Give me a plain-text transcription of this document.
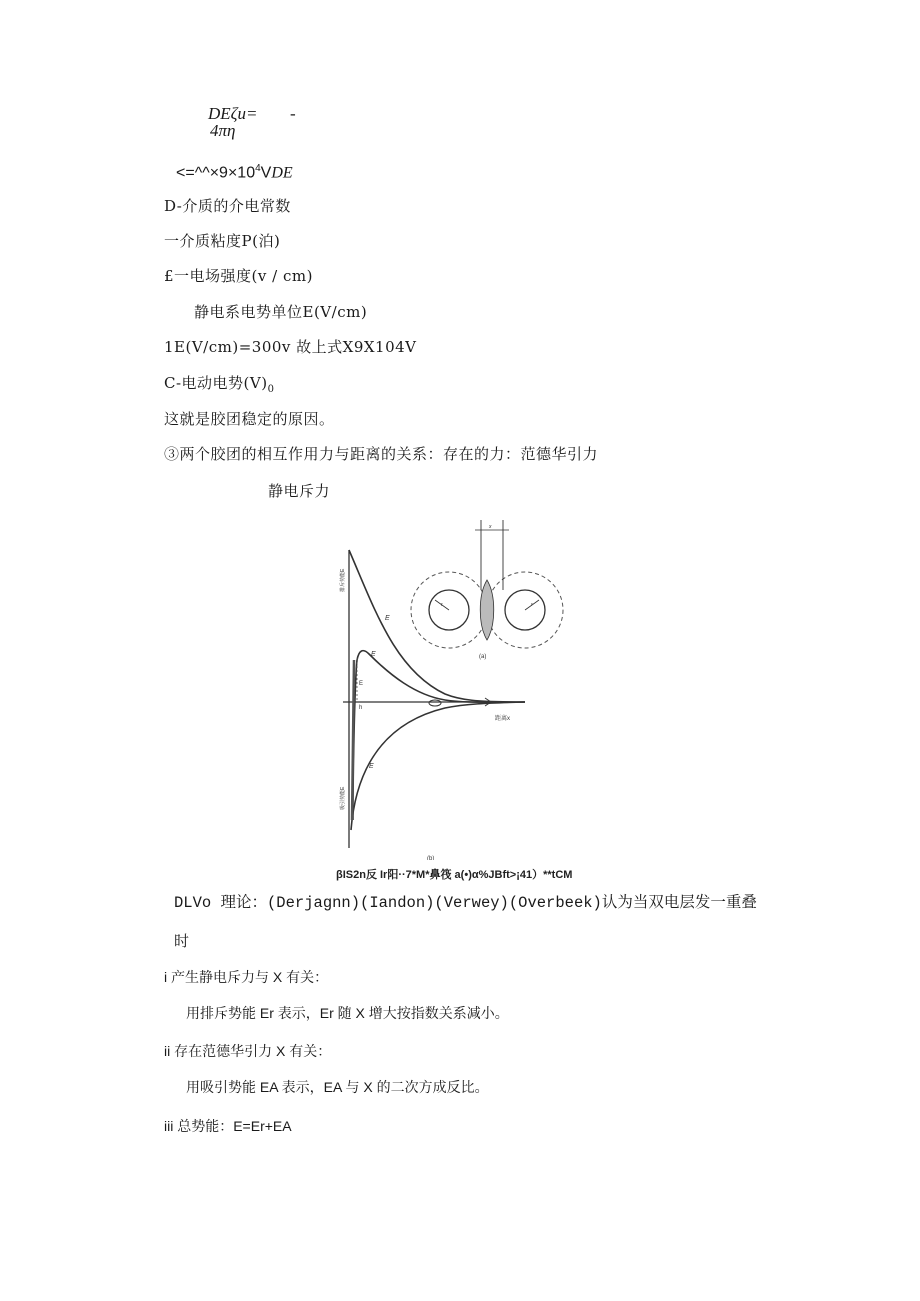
DEζu= -
4πη
$<=\^{}\^{}\times 9\times 10^4VDE$
D-介质的介电常数
一介质粘度P(泊)
£一电场强度(v / cm)
静电系电势单位E(V/cm)
1E(V/cm)=300v 故上式X9X104V
C-电动电势$(V)_0$
这就是胶团稳定的原因。
③两个胶团的相互作用力与距离的关系：存在的力：范德华引力
静电斥力
E
E
E
E
h
距离x
排斥势能E
吸引势能E
x
r	r
(a)
(b)
βIS2n反 Ir阳··7*M*鼻筏 a(•)α%JBft>¡41）**tCM
DLVo 理论：(Derjagnn)(Iandon)(Verwey)(Overbeek)认为当双电层发一重叠
时
i 产生静电斥力与 X 有关：
用排斥势能 Er 表示，Er 随 X 增大按指数关系减小。
ii 存在范德华引力 X 有关：
用吸引势能 EA 表示，EA 与 X 的二次方成反比。
iii 总势能：E=Er+EA
